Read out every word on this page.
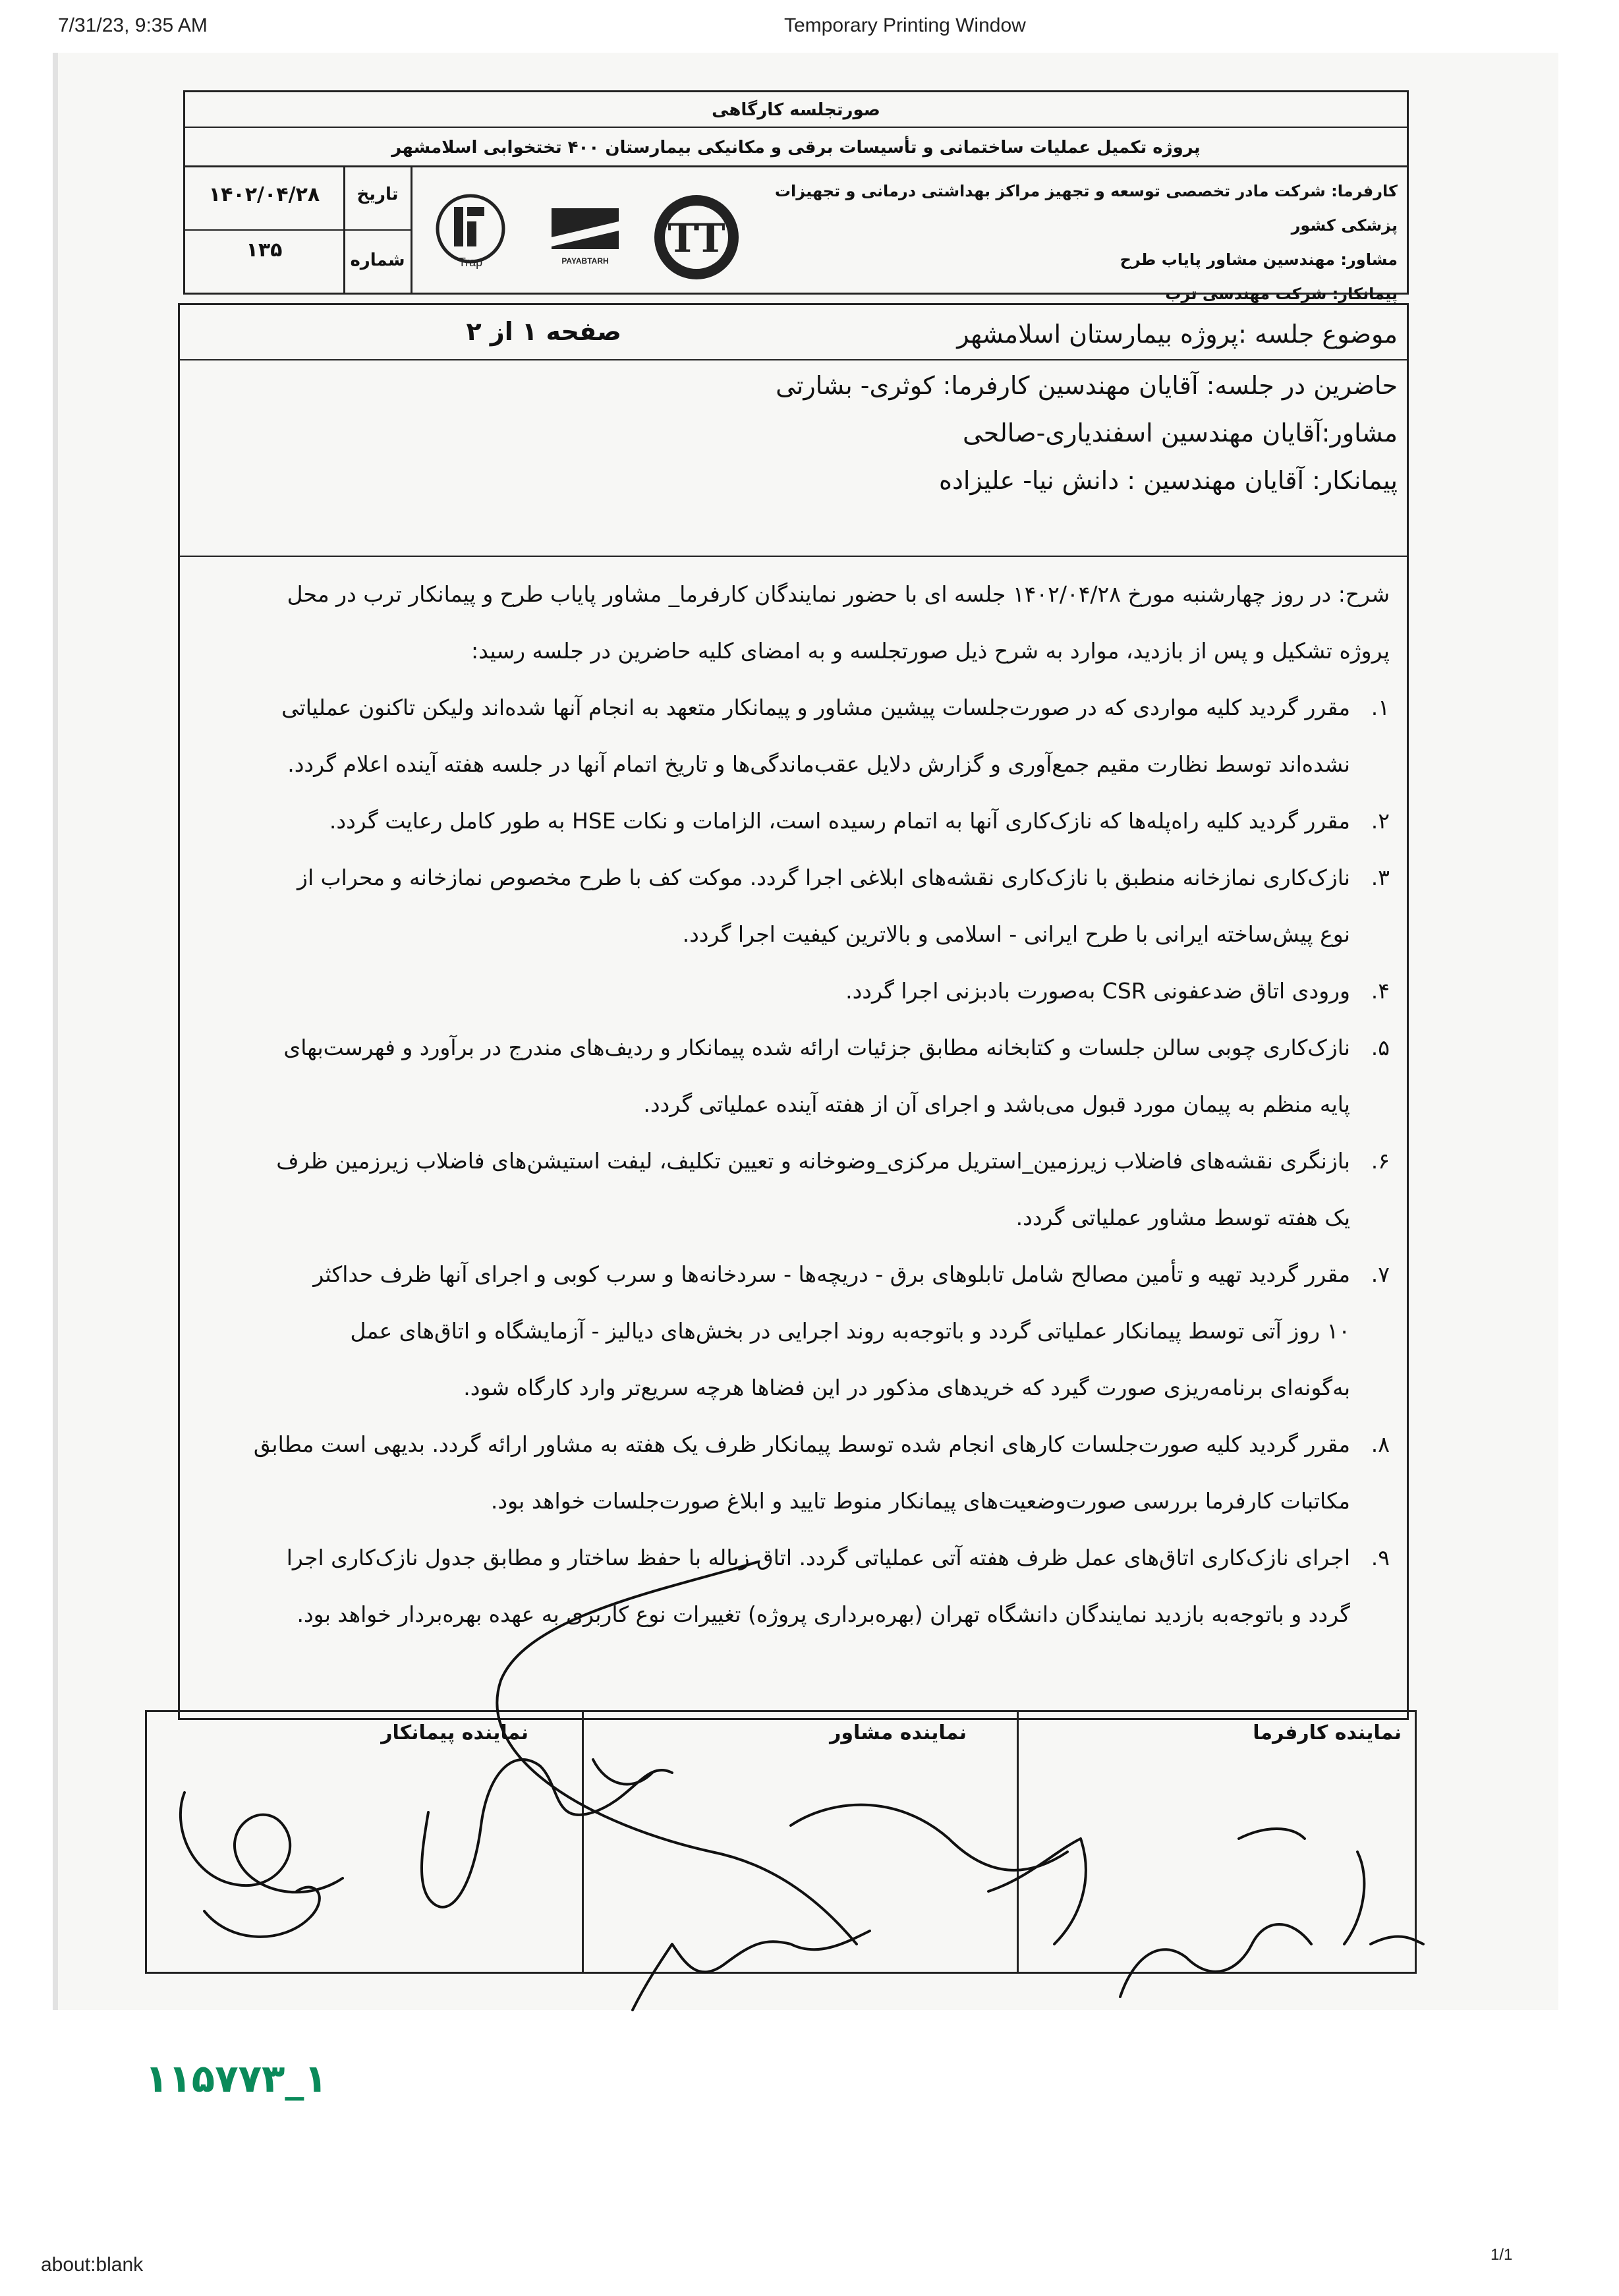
7/31/23, 9:35 AM	Temporary Printing Window
about:blank	1/1
صورتجلسه کارگاهی
پروژه تکمیل عملیات ساختمانی و تأسیسات برقی و مکانیکی بیمارستان ۴۰۰ تختخوابی اسلامشهر
کارفرما: شرکت مادر تخصصی توسعه و تجهیز مراکز بهداشتی درمانی و تجهیزات پزشکی کشور
مشاور: مهندسین مشاور پایاب طرح
پیمانکار: شرکت مهندسی ترب
تاریخ
۱۴۰۲/۰۴/۲۸
شماره
۱۳۵
Trap	PAYABTARH TT
موضوع جلسه :پروژه بیمارستان اسلامشهر
صفحه ۱ از ۲
حاضرین در جلسه: آقایان مهندسین کارفرما: کوثری- بشارتی
مشاور:آقایان مهندسین اسفندیاری-صالحی
پیمانکار: آقایان مهندسین : دانش نیا- علیزاده
شرح: در روز چهارشنبه مورخ ۱۴۰۲/۰۴/۲۸ جلسه ای با حضور نمایندگان کارفرما_ مشاور پایاب طرح و پیمانکار ترب در محل
پروژه تشکیل و پس از بازدید، موارد به شرح ذیل صورتجلسه و به امضای کلیه حاضرین در جلسه رسید:
۱.
مقرر گردید کلیه مواردی که در صورت‌جلسات پیشین مشاور و پیمانکار متعهد به انجام آنها شده‌اند ولیکن تاکنون عملیاتی
نشده‌اند توسط نظارت مقیم جمع‌آوری و گزارش دلایل عقب‌ماندگی‌ها و تاریخ اتمام آنها در جلسه هفته آینده اعلام گردد.
۲.
مقرر گردید کلیه راه‌پله‌ها که نازک‌کاری آنها به اتمام رسیده است، الزامات و نکات HSE به طور کامل رعایت گردد.
۳.
نازک‌کاری نمازخانه منطبق با نازک‌کاری نقشه‌های ابلاغی اجرا گردد. موکت کف با طرح مخصوص نمازخانه و محراب از
نوع پیش‌ساخته ایرانی با طرح ایرانی - اسلامی و بالاترین کیفیت اجرا گردد.
۴.
ورودی اتاق ضدعفونی CSR به‌صورت بادبزنی اجرا گردد.
۵.
نازک‌کاری چوبی سالن جلسات و کتابخانه مطابق جزئیات ارائه شده پیمانکار و ردیف‌های مندرج در برآورد و فهرست‌بهای
پایه منظم به پیمان مورد قبول می‌باشد و اجرای آن از هفته آینده عملیاتی گردد.
۶.
بازنگری نقشه‌های فاضلاب زیرزمین_استریل مرکزی_وضوخانه و تعیین تکلیف، لیفت استیشن‌های فاضلاب زیرزمین ظرف
یک هفته توسط مشاور عملیاتی گردد.
۷.
مقرر گردید تهیه و تأمین مصالح شامل تابلوهای برق - دریچه‌ها - سردخانه‌ها و سرب کوبی و اجرای آنها ظرف حداکثر
۱۰ روز آتی توسط پیمانکار عملیاتی گردد و باتوجه‌به روند اجرایی در بخش‌های دیالیز - آزمایشگاه و اتاق‌های عمل
به‌گونه‌ای برنامه‌ریزی صورت گیرد که خریدهای مذکور در این فضاها هرچه سریع‌تر وارد کارگاه شود.
۸.
مقرر گردید کلیه صورت‌جلسات کارهای انجام شده توسط پیمانکار ظرف یک هفته به مشاور ارائه گردد. بدیهی است مطابق
مکاتبات کارفرما بررسی صورت‌وضعیت‌های پیمانکار منوط تایید و ابلاغ صورت‌جلسات خواهد بود.
۹.
اجرای نازک‌کاری اتاق‌های عمل ظرف هفته آتی عملیاتی گردد. اتاق زباله با حفظ ساختار و مطابق جدول نازک‌کاری اجرا
گردد و باتوجه‌به بازدید نمایندگان دانشگاه تهران (بهره‌برداری پروژه) تغییرات نوع کاربری به عهده بهره‌بردار خواهد بود.
نماینده کارفرما
نماینده مشاور
نماینده پیمانکار
۱۱۵۷۷۳_۱
